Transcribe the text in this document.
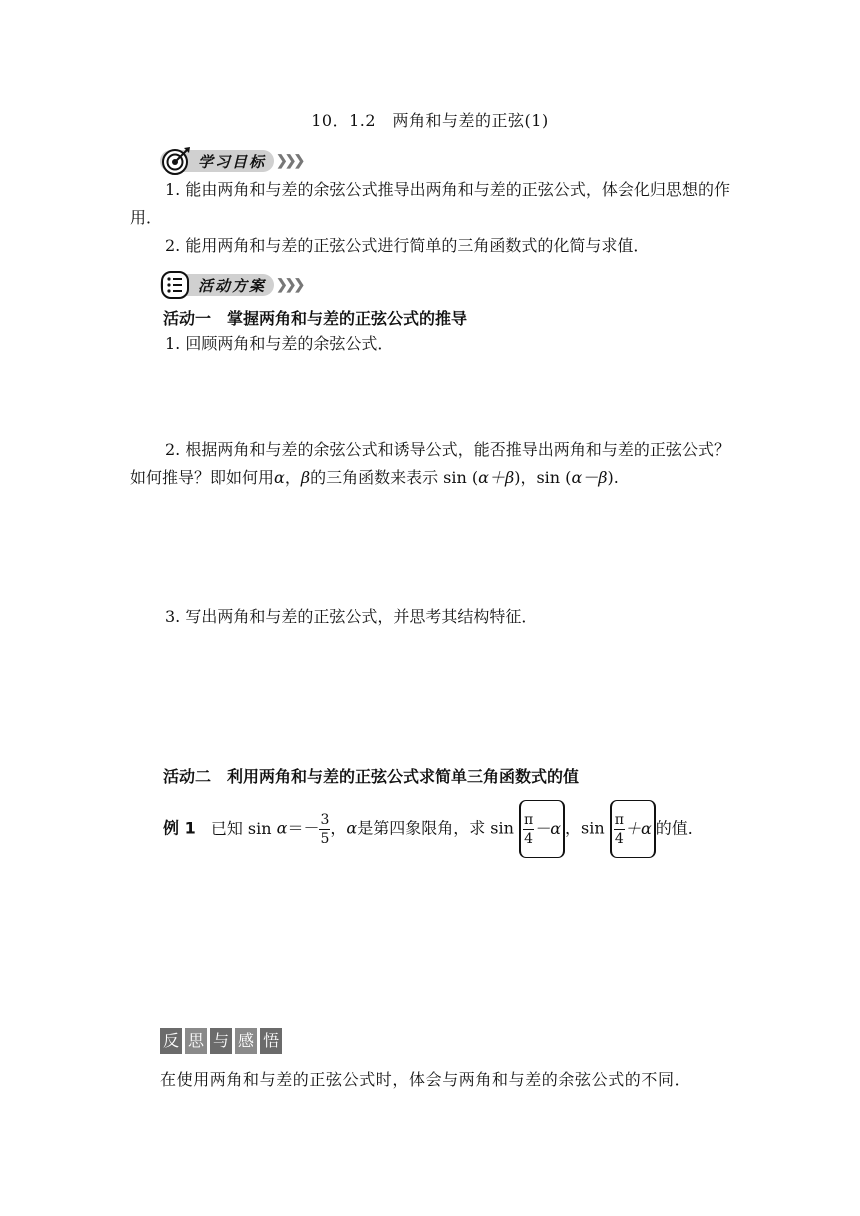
10．1.2　两角和与差的正弦(1)
学习目标 ❯❯❯
1. 能由两角和与差的余弦公式推导出两角和与差的正弦公式，体会化归思想的作用．
2. 能用两角和与差的正弦公式进行简单的三角函数式的化简与求值．
活动方案 ❯❯❯
活动一　掌握两角和与差的正弦公式的推导
1. 回顾两角和与差的余弦公式．
2. 根据两角和与差的余弦公式和诱导公式，能否推导出两角和与差的正弦公式？如何推导？即如何用α，β的三角函数来表示 sin (α＋β)，sin (α－β).
3. 写出两角和与差的正弦公式，并思考其结构特征．
活动二　利用两角和与差的正弦公式求简单三角函数式的值
例 1 已知 $\sin \alpha=- \frac{3}{5}$ ，α是第四象限角，求 $\sin \frac{\pi}{4} -\alpha$ ，$\sin \frac{\pi}{4} +\alpha$ 的值．
反 思 与 感 悟
在使用两角和与差的正弦公式时，体会与两角和与差的余弦公式的不同．
